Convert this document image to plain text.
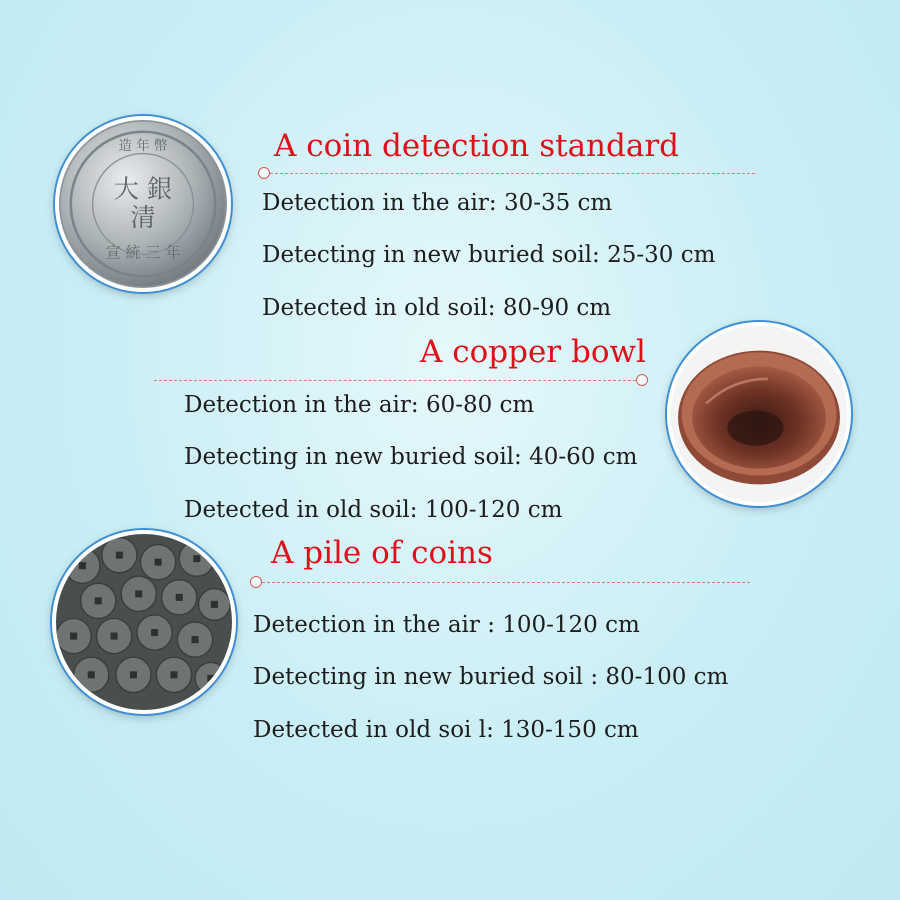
大 銀
清
宣 統 三 年
造 年 幣	A coin detection standard
Detection in the air: 30-35 cm
Detecting in new buried soil: 25-30 cm
Detected in old soil: 80-90 cm
A copper bowl
Detection in the air: 60-80 cm
Detecting in new buried soil: 40-60 cm
Detected in old soil: 100-120 cm
A pile of coins
Detection in the air : 100-120 cm
Detecting in new buried soil : 80-100 cm
Detected in old soi l: 130-150 cm
